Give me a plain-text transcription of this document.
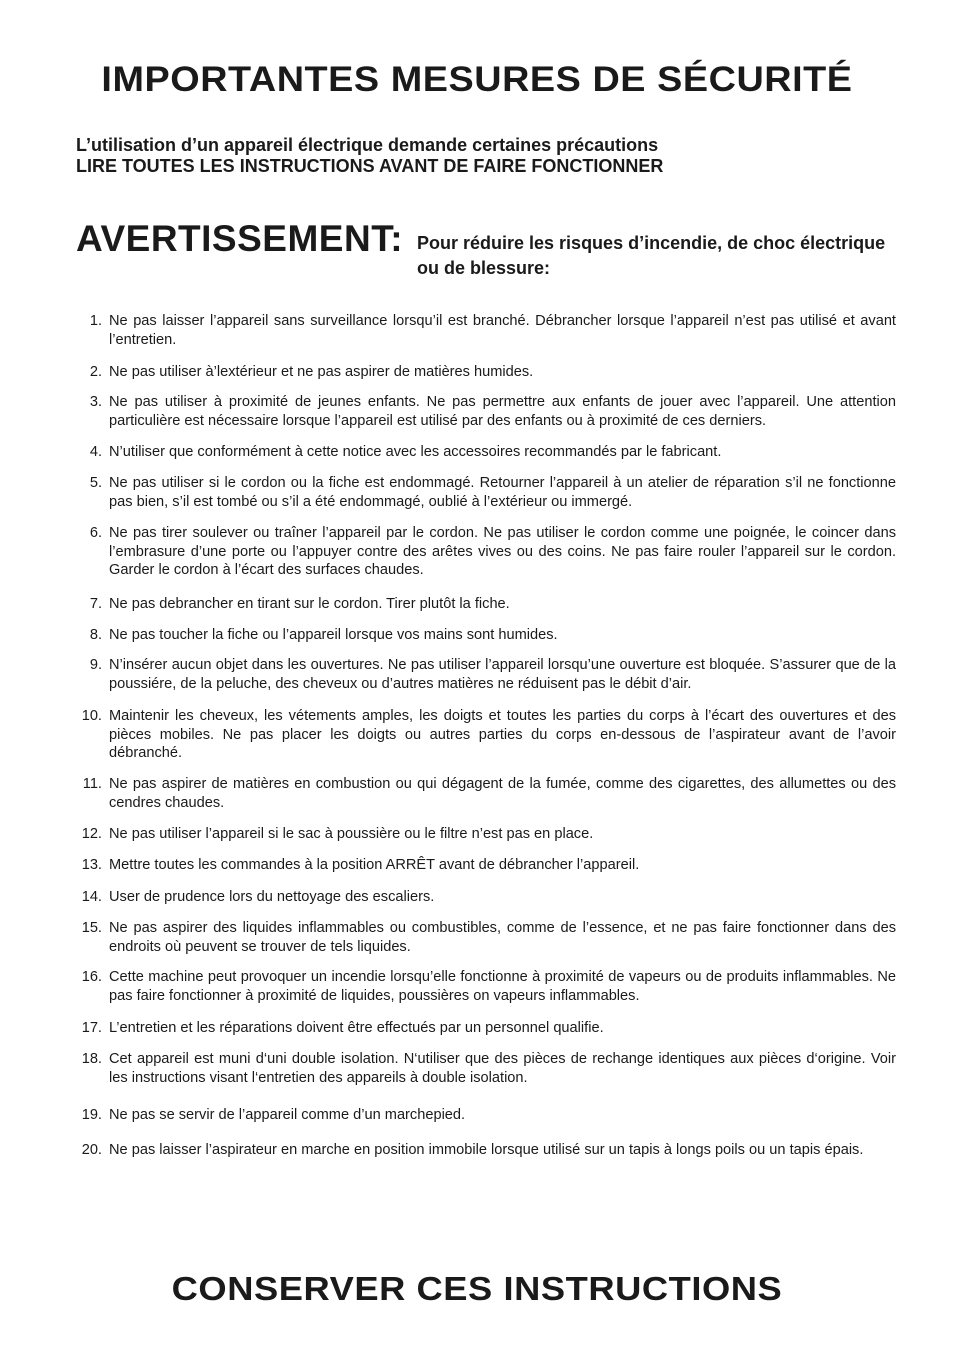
IMPORTANTES MESURES DE SÉCURITÉ
L’utilisation d’un appareil électrique demande certaines précautions
LIRE TOUTES LES INSTRUCTIONS AVANT DE FAIRE FONCTIONNER
AVERTISSEMENT: Pour réduire les risques d’incendie, de choc électrique ou de blessure:
1. Ne pas laisser l’appareil sans surveillance lorsqu’il est branché. Débrancher lorsque l’appareil n’est pas utilisé et avant l’entretien.
2. Ne pas utiliser à’lextérieur et ne pas aspirer de matières humides.
3. Ne pas utiliser à proximité de jeunes enfants. Ne pas permettre aux enfants de jouer avec l’appareil. Une attention particulière est nécessaire lorsque l’appareil est utilisé par des enfants ou à proximité de ces derniers.
4. N’utiliser que conformément à cette notice avec les accessoires recommandés par le fabricant.
5. Ne pas utiliser si le cordon ou la fiche est endommagé. Retourner l’appareil à un atelier de réparation s’il ne fonctionne pas bien, s’il est tombé ou s’il a été endommagé, oublié à l’extérieur ou immergé.
6. Ne pas tirer soulever ou traîner l’appareil par le cordon. Ne pas utiliser le cordon comme une poignée, le coincer dans l’embrasure d’une porte ou l’appuyer contre des arêtes vives ou des coins. Ne pas faire rouler l’appareil sur le cordon. Garder le cordon à l’écart des surfaces chaudes.
7. Ne pas debrancher en tirant sur le cordon. Tirer plutôt la fiche.
8. Ne pas toucher la fiche ou l’appareil lorsque vos mains sont humides.
9. N’insérer aucun objet dans les ouvertures. Ne pas utiliser l’appareil lorsqu’une ouverture est bloquée. S’assurer que de la poussiére, de la peluche, des cheveux ou d’autres matières ne réduisent pas le débit d’air.
10. Maintenir les cheveux, les vétements amples, les doigts et toutes les parties du corps à l’écart des ouvertures et des pièces mobiles. Ne pas placer les doigts ou autres parties du corps en-dessous de l’aspirateur avant de l’avoir débranché.
11. Ne pas aspirer de matières en combustion ou qui dégagent de la fumée, comme des cigarettes, des allumettes ou des cendres chaudes.
12. Ne pas utiliser l’appareil si le sac à poussière ou le filtre n’est pas en place.
13. Mettre toutes les commandes à la position ARRÊT avant de débrancher l’appareil.
14. User de prudence lors du nettoyage des escaliers.
15. Ne pas aspirer des liquides inflammables ou combustibles, comme de l’essence, et ne pas faire fonctionner dans des endroits où peuvent se trouver de tels liquides.
16. Cette machine peut provoquer un incendie lorsqu’elle fonctionne à proximité de vapeurs ou de produits inflammables. Ne pas faire fonctionner à proximité de liquides, poussières on vapeurs inflammables.
17. L’entretien et les réparations doivent être effectués par un personnel qualifie.
18. Cet appareil est muni d‘uni double isolation. N‘utiliser que des pièces de rechange identiques aux pièces d‘origine. Voir les instructions visant l‘entretien des appareils à double isolation.
19. Ne pas se servir de l’appareil comme d’un marchepied.
20. Ne pas laisser l’aspirateur en marche en position immobile lorsque utilisé sur un tapis à longs poils ou un tapis épais.
CONSERVER CES INSTRUCTIONS
